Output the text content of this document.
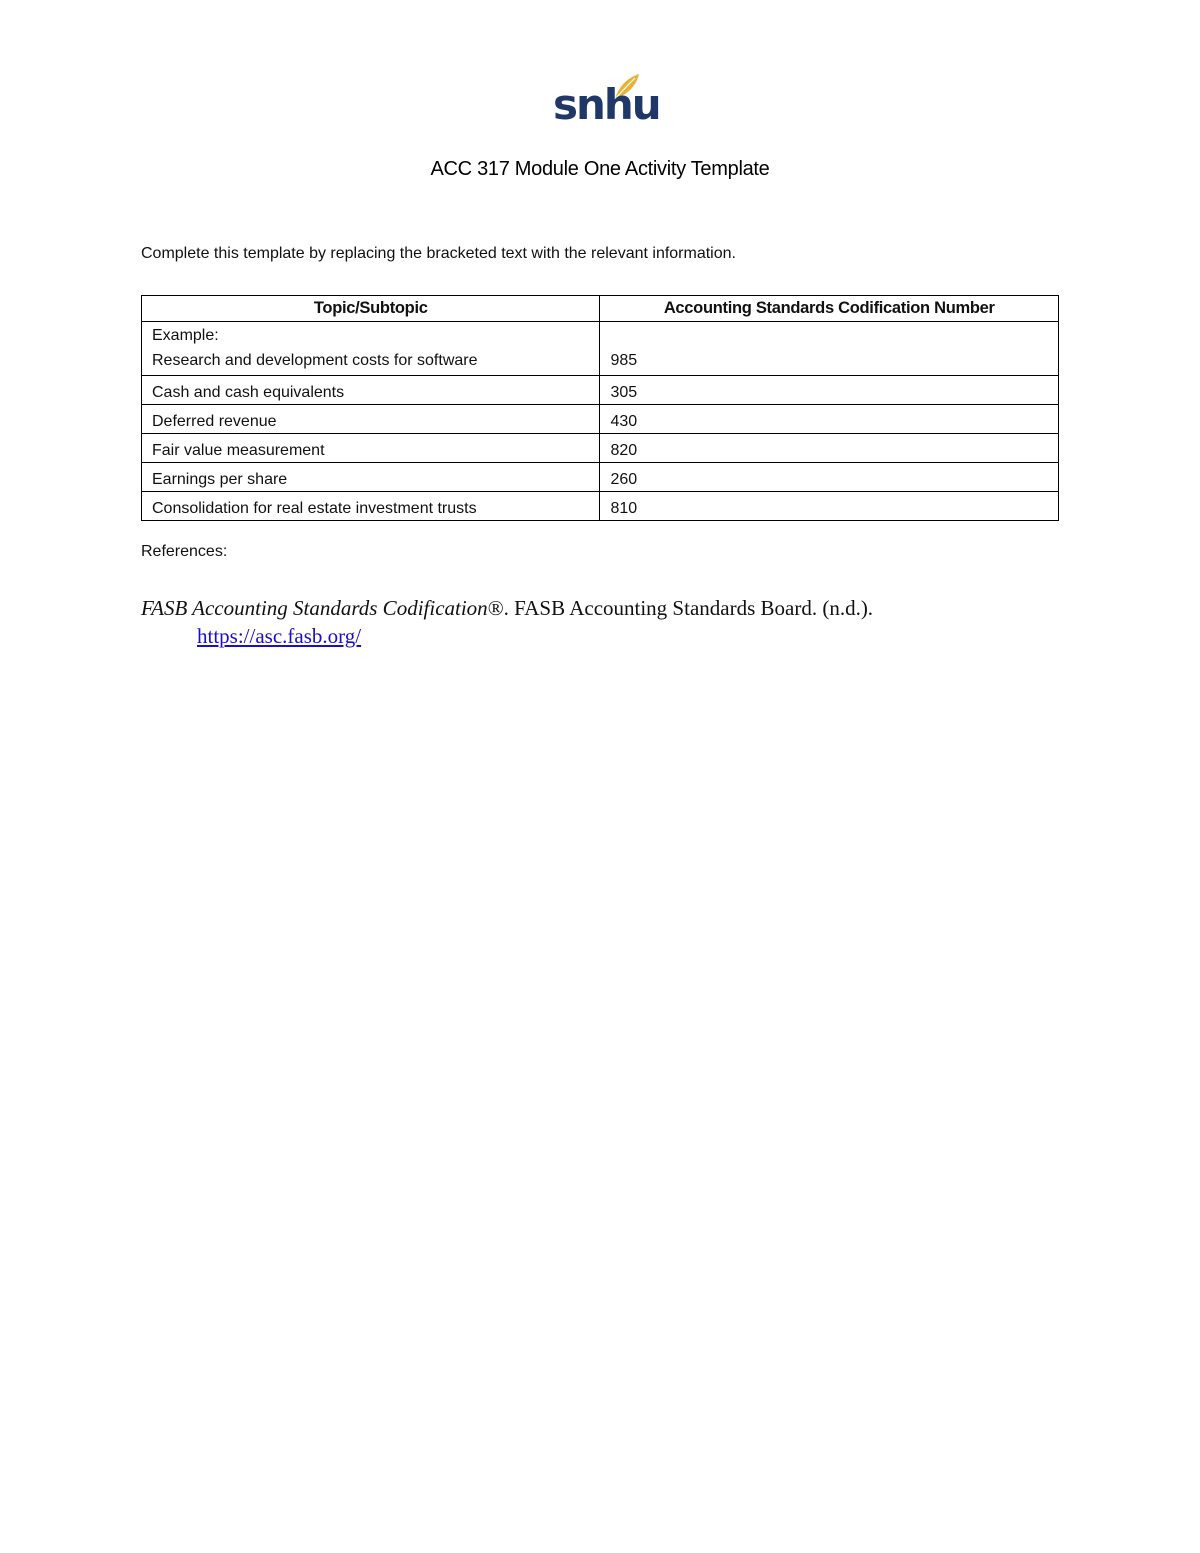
snhu
ACC 317 Module One Activity Template
Complete this template by replacing the bracketed text with the relevant information.
Topic/Subtopic	Accounting Standards Codification Number

Example:
Research and development costs for software	985
Cash and cash equivalents	305
Deferred revenue	430
Fair value measurement	820
Earnings per share	260
Consolidation for real estate investment trusts	810
References:
FASB Accounting Standards Codification®. FASB Accounting Standards Board. (n.d.).
https://asc.fasb.org/
